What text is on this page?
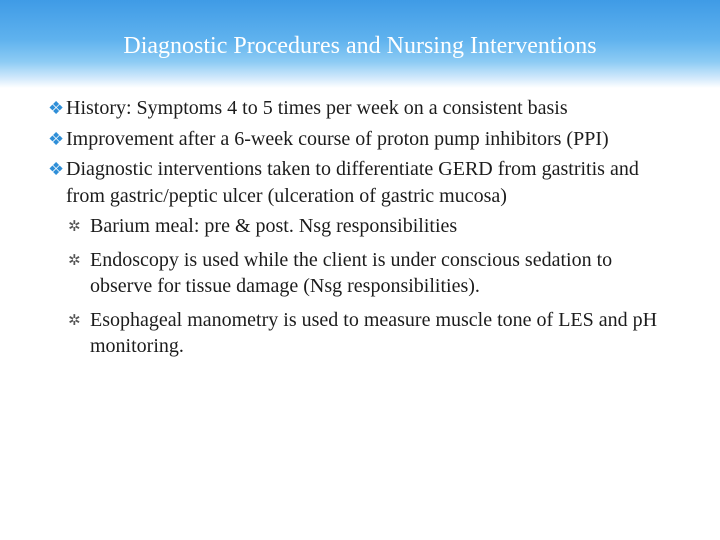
Diagnostic Procedures and Nursing Interventions
❖ History: Symptoms 4 to 5 times per week on a consistent basis
❖ Improvement after a 6-week course of proton pump inhibitors (PPI)
❖ Diagnostic interventions taken to differentiate GERD from gastritis and from gastric/peptic ulcer (ulceration of gastric mucosa)
✲ Barium meal: pre & post. Nsg responsibilities
✲ Endoscopy is used while the client is under conscious sedation to observe for tissue damage (Nsg responsibilities).
✲ Esophageal manometry is used to measure muscle tone of LES and pH monitoring.
